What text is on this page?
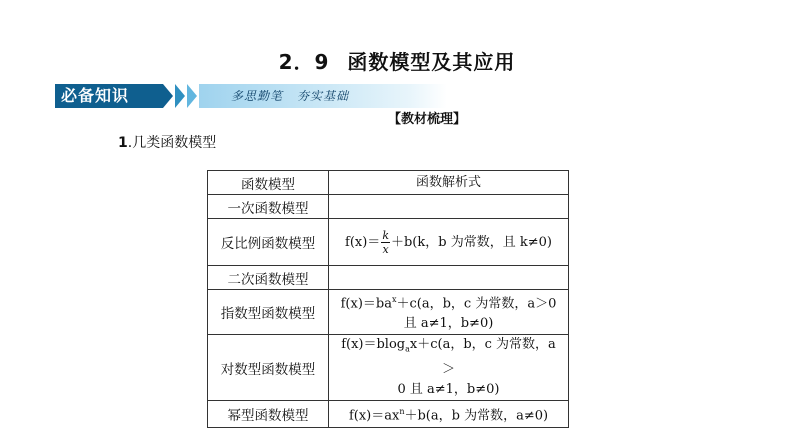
2．9 函数模型及其应用
必备知识	多思勤笔 夯实基础
【教材梳理】
1.几类函数模型
函数模型	函数解析式
一次函数模型	
反比例函数模型	$f(x)= \frac{k}{x} +b(k$，b 为常数，且 k≠0)
二次函数模型	
指数型函数模型	$f(x)=ba^x+c(a$，b，c 为常数，a＞0
且 a≠1，b≠0)

对数型函数模型	f(x)＝blog$_a$x＋c(a，b，c 为常数，a＞
0 且 a≠1，b≠0)

幂型函数模型	$f(x)=ax^n+b(a$，b 为常数，a≠0)
